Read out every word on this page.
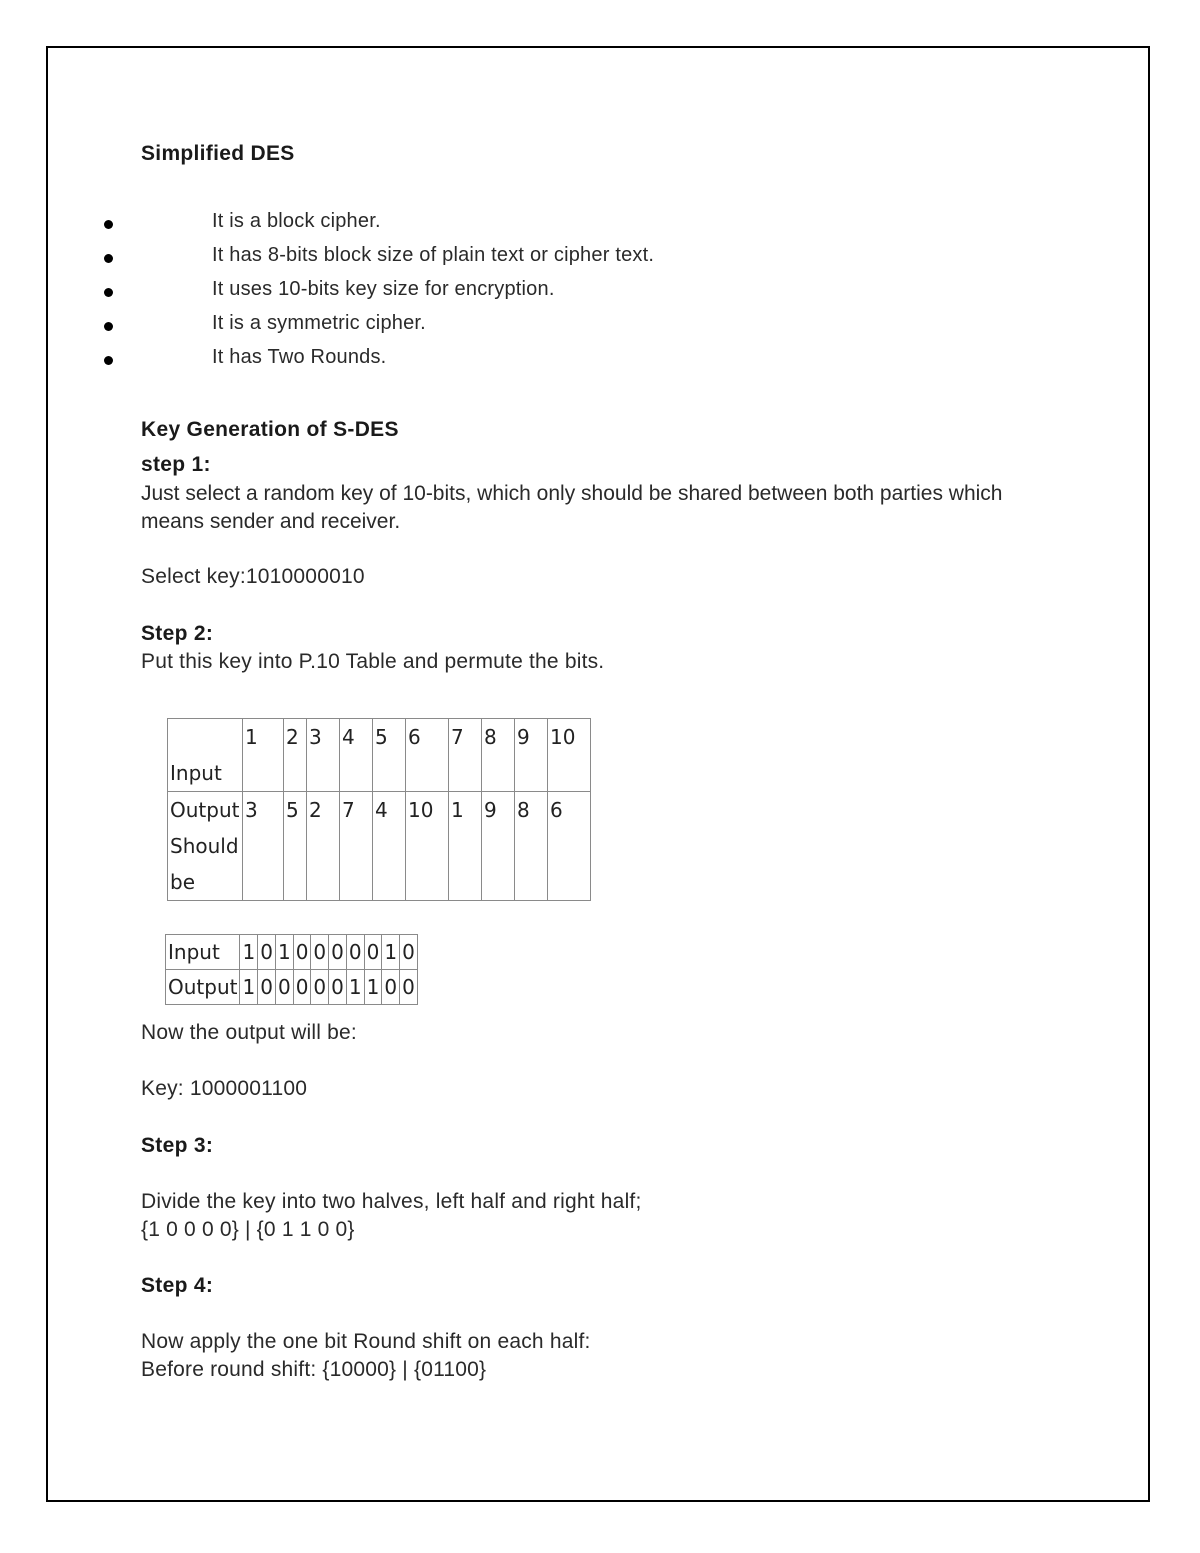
Simplified DES
It is a block cipher.
It has 8-bits block size of plain text or cipher text.
It uses 10-bits key size for encryption.
It is a symmetric cipher.
It has Two Rounds.
Key Generation of S-DES
step 1:
Just select a random key of 10-bits, which only should be shared between both parties which means sender and receiver.
Select key:1010000010
Step 2:
Put this key into P.10 Table and permute the bits.
Input	1	2	3	4	5	6	7	8	9	10
Output
Should
be	3	5	2	7	4	10	1	9	8	6
Input	1	0	1	0	0	0	0	0	1	0
Output	1	0	0	0	0	0	1	1	0	0
Now the output will be:
Key: 1000001100
Step 3:
Divide the key into two halves, left half and right half;
{1 0 0 0 0} | {0 1 1 0 0}
Step 4:
Now apply the one bit Round shift on each half:
Before round shift: {10000} | {01100}
